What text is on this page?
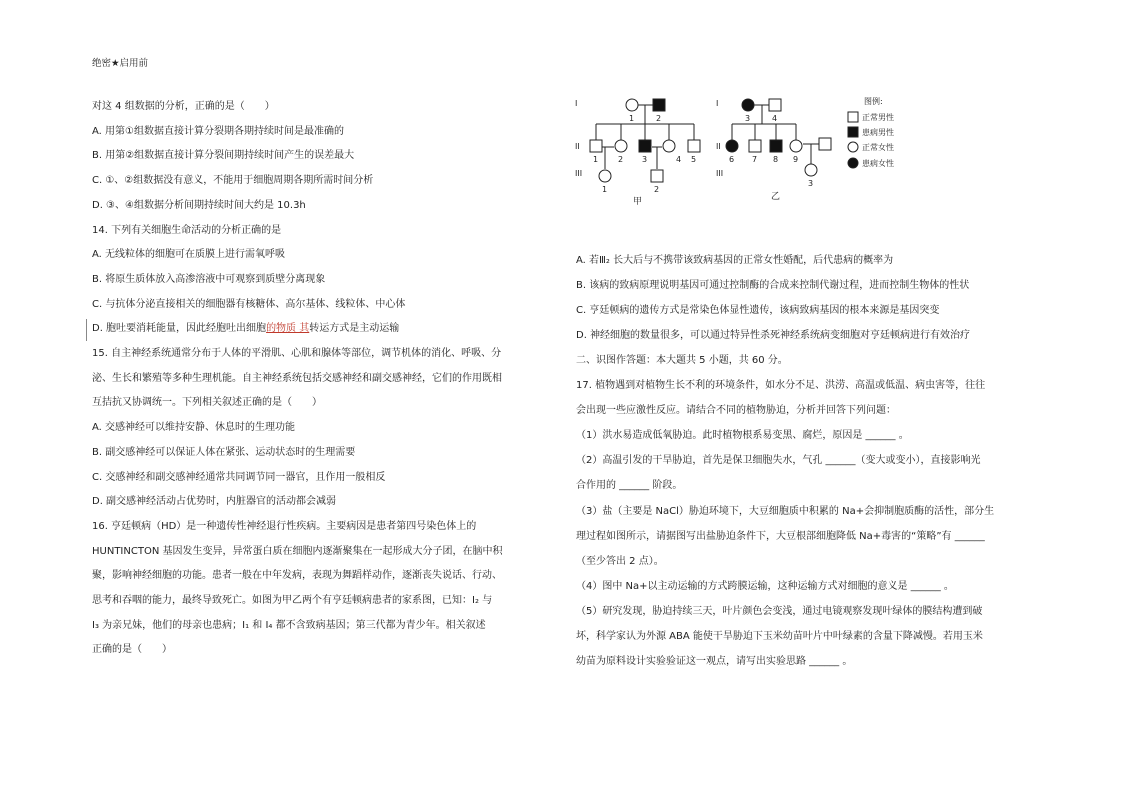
绝密★启用前
对这 4 组数据的分析，正确的是（　　）
A. 用第①组数据直接计算分裂期各期持续时间是最准确的
B. 用第②组数据直接计算分裂间期持续时间产生的误差最大
C. ①、②组数据没有意义，不能用于细胞周期各期所需时间分析
D. ③、④组数据分析间期持续时间大约是 10.3h
14. 下列有关细胞生命活动的分析正确的是
A. 无线粒体的细胞可在质膜上进行需氧呼吸
B. 将原生质体放入高渗溶液中可观察到质壁分离现象
C. 与抗体分泌直接相关的细胞器有核糖体、高尔基体、线粒体、中心体
D. 胞吐要消耗能量，因此经胞吐出细胞的物质 其转运方式是主动运输
15. 自主神经系统通常分布于人体的平滑肌、心肌和腺体等部位，调节机体的消化、呼吸、分
泌、生长和繁殖等多种生理机能。自主神经系统包括交感神经和副交感神经，它们的作用既相
互拮抗又协调统一。下列相关叙述正确的是（　　）
A. 交感神经可以维持安静、休息时的生理功能
B. 副交感神经可以保证人体在紧张、运动状态时的生理需要
C. 交感神经和副交感神经通常共同调节同一器官，且作用一般相反
D. 副交感神经活动占优势时，内脏器官的活动都会减弱
16. 亨廷顿病（HD）是一种遗传性神经退行性疾病。主要病因是患者第四号染色体上的
HUNTINCTON 基因发生变异，异常蛋白质在细胞内逐渐聚集在一起形成大分子团，在脑中积
聚，影响神经细胞的功能。患者一般在中年发病，表现为舞蹈样动作，逐渐丧失说话、行动、
思考和吞咽的能力，最终导致死亡。如图为甲乙两个有亨廷顿病患者的家系图，已知：Ⅰ₂ 与
Ⅰ₃ 为亲兄妹，他们的母亲也患病；Ⅰ₁ 和 Ⅰ₄ 都不含致病基因；第三代都为青少年。相关叙述
正确的是（　　）
I
II
III
1	2
1 2 3	4 5
1	2
甲
I
II
III
3	4
6 7 8 9
3
乙
图例:
正常男性
患病男性
正常女性
患病女性
A. 若Ⅲ₂ 长大后与不携带该致病基因的正常女性婚配，后代患病的概率为
B. 该病的致病原理说明基因可通过控制酶的合成来控制代谢过程，进而控制生物体的性状
C. 亨廷顿病的遗传方式是常染色体显性遗传，该病致病基因的根本来源是基因突变
D. 神经细胞的数量很多，可以通过特异性杀死神经系统病变细胞对亨廷顿病进行有效治疗
二、识图作答题：本大题共 5 小题，共 60 分。
17. 植物遇到对植物生长不利的环境条件，如水分不足、洪涝、高温或低温、病虫害等，往往
会出现一些应激性反应。请结合不同的植物胁迫，分析并回答下列问题：
（1）洪水易造成低氧胁迫。此时植物根系易变黑、腐烂，原因是 ______ 。
（2）高温引发的干旱胁迫，首先是保卫细胞失水，气孔 ______（变大或变小），直接影响光
合作用的 ______ 阶段。
（3）盐（主要是 NaCl）胁迫环境下，大豆细胞质中积累的 Na+会抑制胞质酶的活性，部分生
理过程如图所示，请据图写出盐胁迫条件下，大豆根部细胞降低 Na+毒害的“策略”有 ______
（至少答出 2 点）。
（4）图中 Na+以主动运输的方式跨膜运输，这种运输方式对细胞的意义是 ______ 。
（5）研究发现，胁迫持续三天，叶片颜色会变浅，通过电镜观察发现叶绿体的膜结构遭到破
坏，科学家认为外源 ABA 能使干旱胁迫下玉米幼苗叶片中叶绿素的含量下降减慢。若用玉米
幼苗为原料设计实验验证这一观点，请写出实验思路 ______ 。
